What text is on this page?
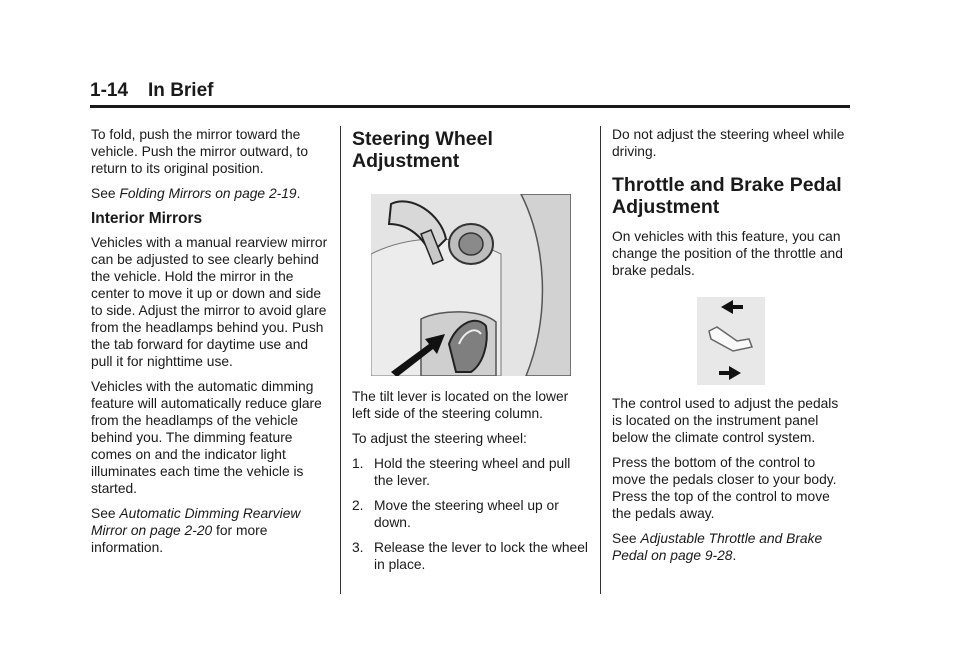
1-14 In Brief

To fold, push the mirror toward the vehicle. Push the mirror outward, to return to its original position.

See Folding Mirrors on page 2-19.

Interior Mirrors

Vehicles with a manual rearview mirror can be adjusted to see clearly behind the vehicle. Hold the mirror in the center to move it up or down and side to side. Adjust the mirror to avoid glare from the headlamps behind you. Push the tab forward for daytime use and pull it for nighttime use.

Vehicles with the automatic dimming feature will automatically reduce glare from the headlamps of the vehicle behind you. The dimming feature comes on and the indicator light illuminates each time the vehicle is started.

See Automatic Dimming Rearview Mirror on page 2-20 for more information.

Steering Wheel Adjustment

The tilt lever is located on the lower left side of the steering column.

To adjust the steering wheel:

1. Hold the steering wheel and pull the lever.
2. Move the steering wheel up or down.
3. Release the lever to lock the wheel in place.

Do not adjust the steering wheel while driving.

Throttle and Brake Pedal Adjustment

On vehicles with this feature, you can change the position of the throttle and brake pedals.

The control used to adjust the pedals is located on the instrument panel below the climate control system.

Press the bottom of the control to move the pedals closer to your body. Press the top of the control to move the pedals away.

See Adjustable Throttle and Brake Pedal on page 9-28.
